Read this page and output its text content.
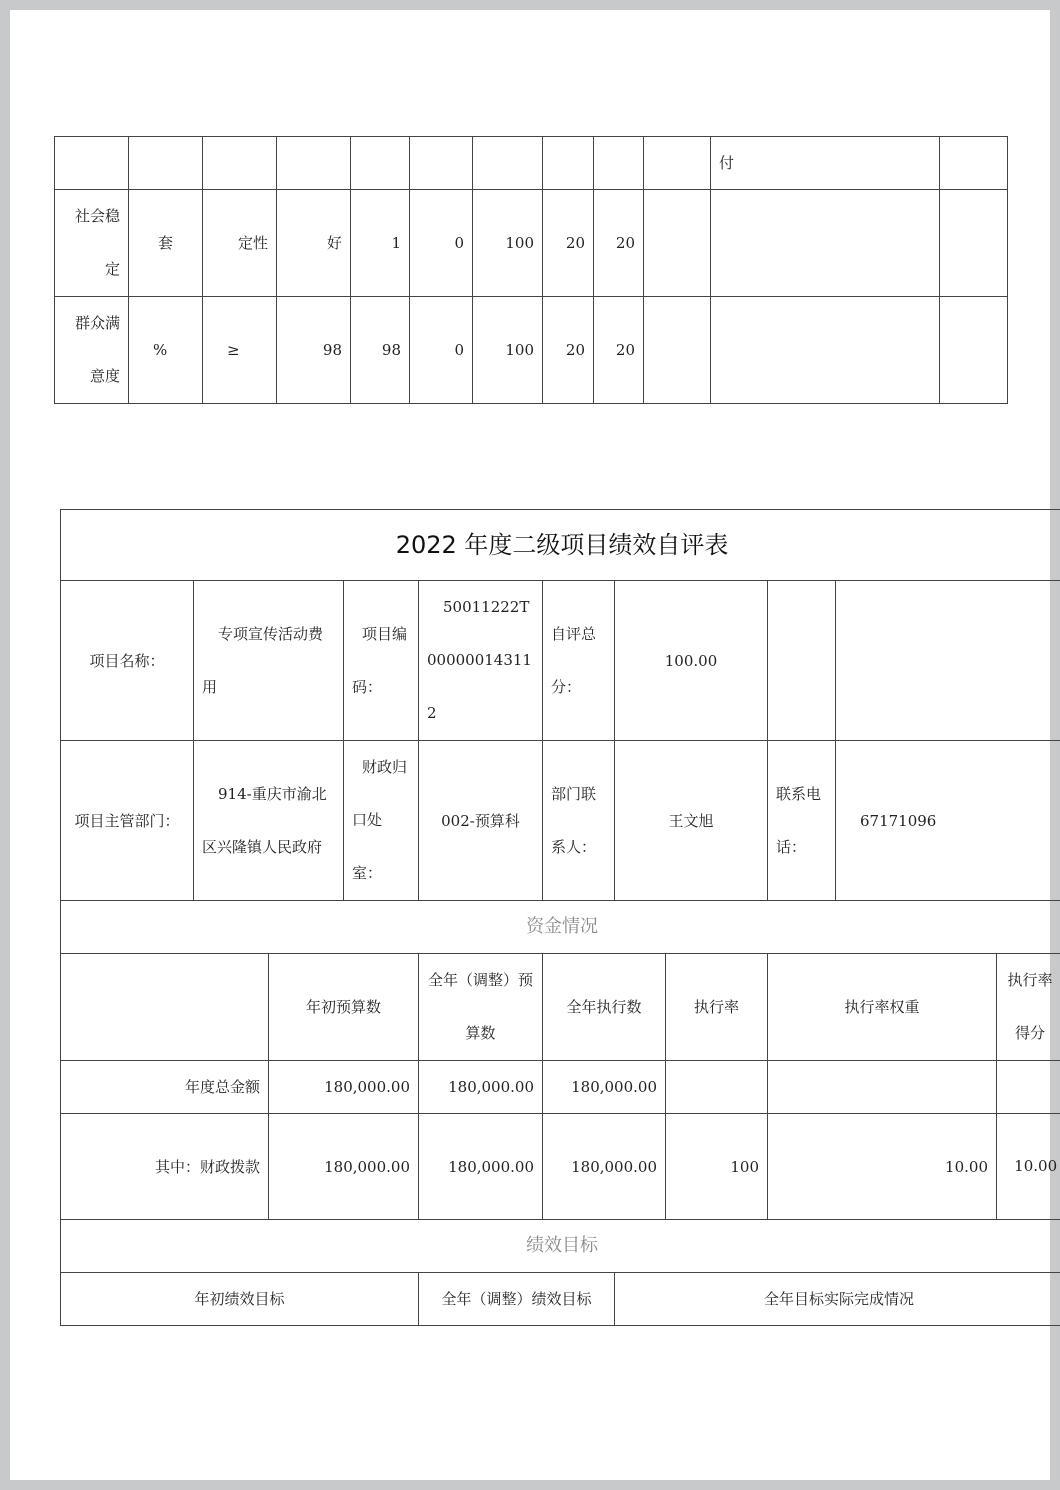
										付	
社会稳定	套	定性	好	1	0	100	20	20			
群众满意度	%	≥	98	98	0	100	20	20			
2022 年度二级项目绩效自评表										
项目名称：	专项宣传活动费用		项目编码：	50011222T000000143112	自评总分：	100.00				
项目主管部门：	914-重庆市渝北区兴隆镇人民政府		财政归口处室：	002-预算科	部门联系人：	王文旭		联系电话：	67171096	
资金情况										
		年初预算数		全年（调整）预算数	全年执行数		执行率	执行率权重		执行率得分
年度总金额		180,000.00		180,000.00	180,000.00					
其中：财政拨款		180,000.00		180,000.00	180,000.00		100	10.00		10.00
绩效目标										
年初绩效目标				全年（调整）绩效目标		全年目标实际完成情况				
